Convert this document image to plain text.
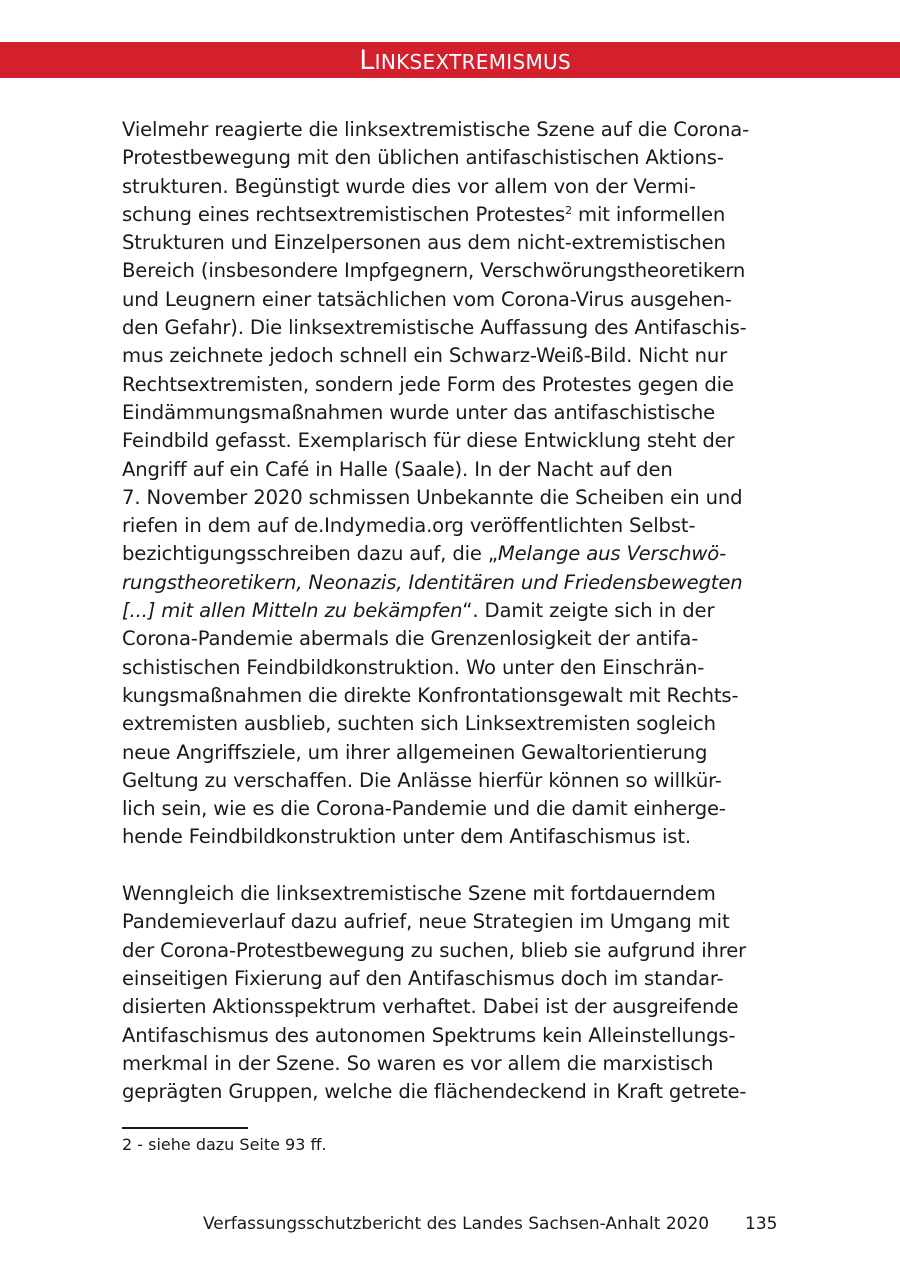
LINKSEXTREMISMUS

Vielmehr reagierte die linksextremistische Szene auf die Corona-
Protestbewegung mit den üblichen antifaschistischen Aktions-
strukturen. Begünstigt wurde dies vor allem von der Vermi-
schung eines rechtsextremistischen Protestes$^2$ mit informellen
Strukturen und Einzelpersonen aus dem nicht-extremistischen
Bereich (insbesondere Impfgegnern, Verschwörungstheoretikern
und Leugnern einer tatsächlichen vom Corona-Virus ausgehen-
den Gefahr). Die linksextremistische Auffassung des Antifaschis-
mus zeichnete jedoch schnell ein Schwarz-Weiß-Bild. Nicht nur
Rechtsextremisten, sondern jede Form des Protestes gegen die
Eindämmungsmaßnahmen wurde unter das antifaschistische
Feindbild gefasst. Exemplarisch für diese Entwicklung steht der
Angriff auf ein Café in Halle (Saale). In der Nacht auf den
7. November 2020 schmissen Unbekannte die Scheiben ein und
riefen in dem auf de.Indymedia.org veröffentlichten Selbst-
bezichtigungsschreiben dazu auf, die „Melange aus Verschwö-
rungstheoretikern, Neonazis, Identitären und Friedensbewegten
[...] mit allen Mitteln zu bekämpfen“. Damit zeigte sich in der
Corona-Pandemie abermals die Grenzenlosigkeit der antifa-
schistischen Feindbildkonstruktion. Wo unter den Einschrän-
kungsmaßnahmen die direkte Konfrontationsgewalt mit Rechts-
extremisten ausblieb, suchten sich Linksextremisten sogleich
neue Angriffsziele, um ihrer allgemeinen Gewaltorientierung
Geltung zu verschaffen. Die Anlässe hierfür können so willkür-
lich sein, wie es die Corona-Pandemie und die damit einherge-
hende Feindbildkonstruktion unter dem Antifaschismus ist.

Wenngleich die linksextremistische Szene mit fortdauerndem
Pandemieverlauf dazu aufrief, neue Strategien im Umgang mit
der Corona-Protestbewegung zu suchen, blieb sie aufgrund ihrer
einseitigen Fixierung auf den Antifaschismus doch im standar-
disierten Aktionsspektrum verhaftet. Dabei ist der ausgreifende
Antifaschismus des autonomen Spektrums kein Alleinstellungs-
merkmal in der Szene. So waren es vor allem die marxistisch
geprägten Gruppen, welche die flächendeckend in Kraft getrete-

2 - siehe dazu Seite 93 ff.
Verfassungsschutzbericht des Landes Sachsen-Anhalt 2020 135
